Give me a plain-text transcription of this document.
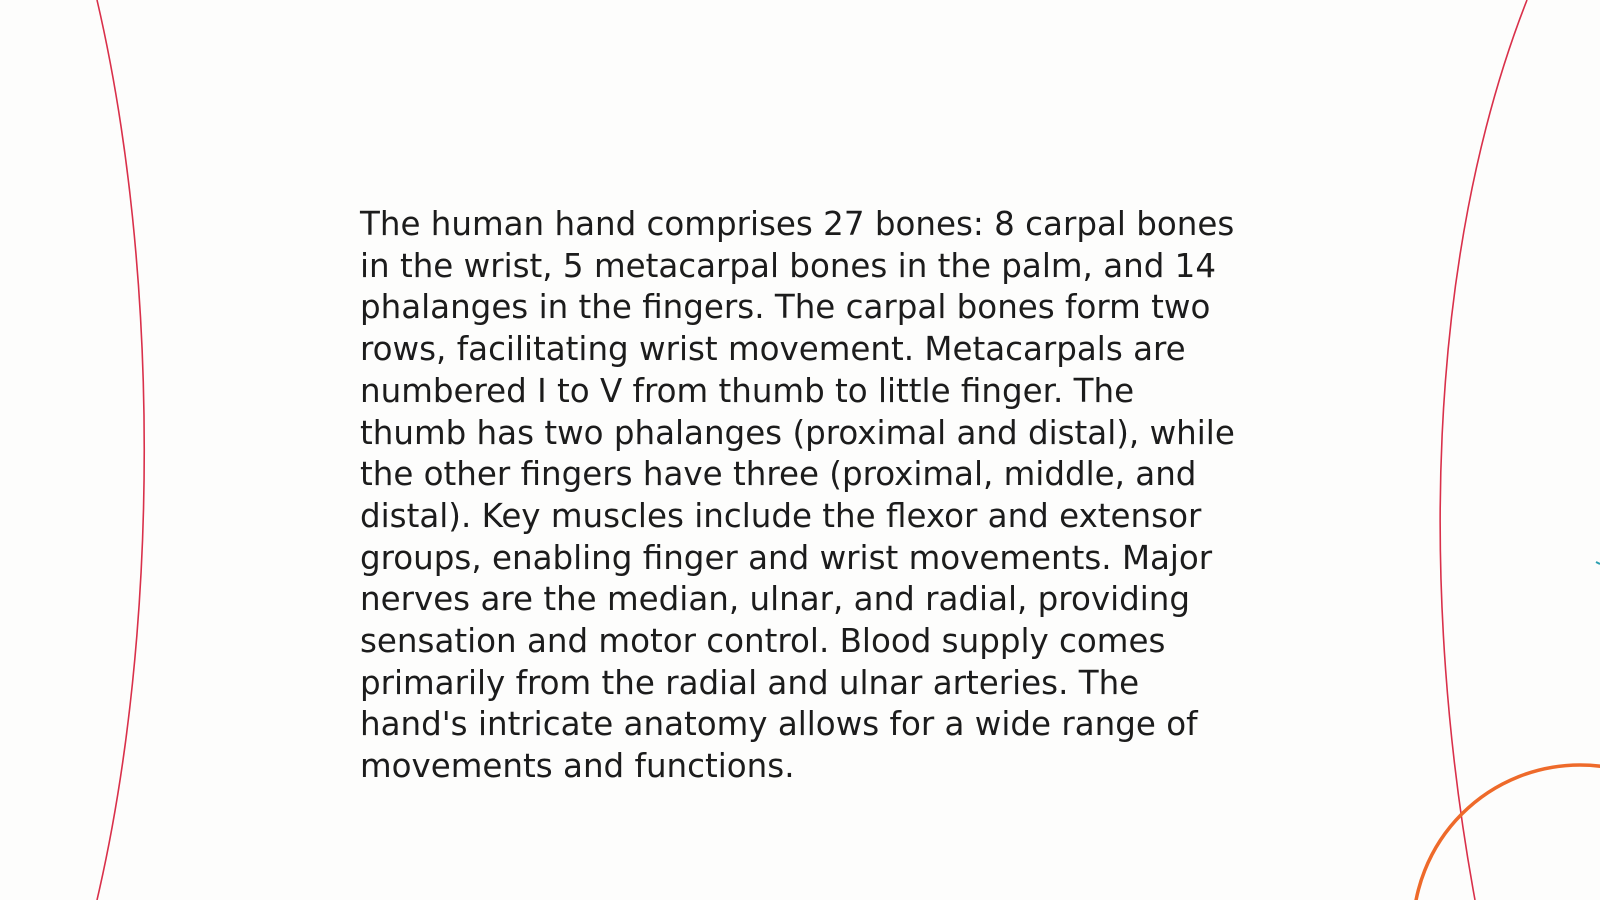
The human hand comprises 27 bones: 8 carpal bones in the wrist, 5 metacarpal bones in the palm, and 14 phalanges in the fingers. The carpal bones form two rows, facilitating wrist movement. Metacarpals are numbered I to V from thumb to little finger. The thumb has two phalanges (proximal and distal), while the other fingers have three (proximal, middle, and distal). Key muscles include the flexor and extensor groups, enabling finger and wrist movements. Major nerves are the median, ulnar, and radial, providing sensation and motor control. Blood supply comes primarily from the radial and ulnar arteries. The hand's intricate anatomy allows for a wide range of movements and functions.
